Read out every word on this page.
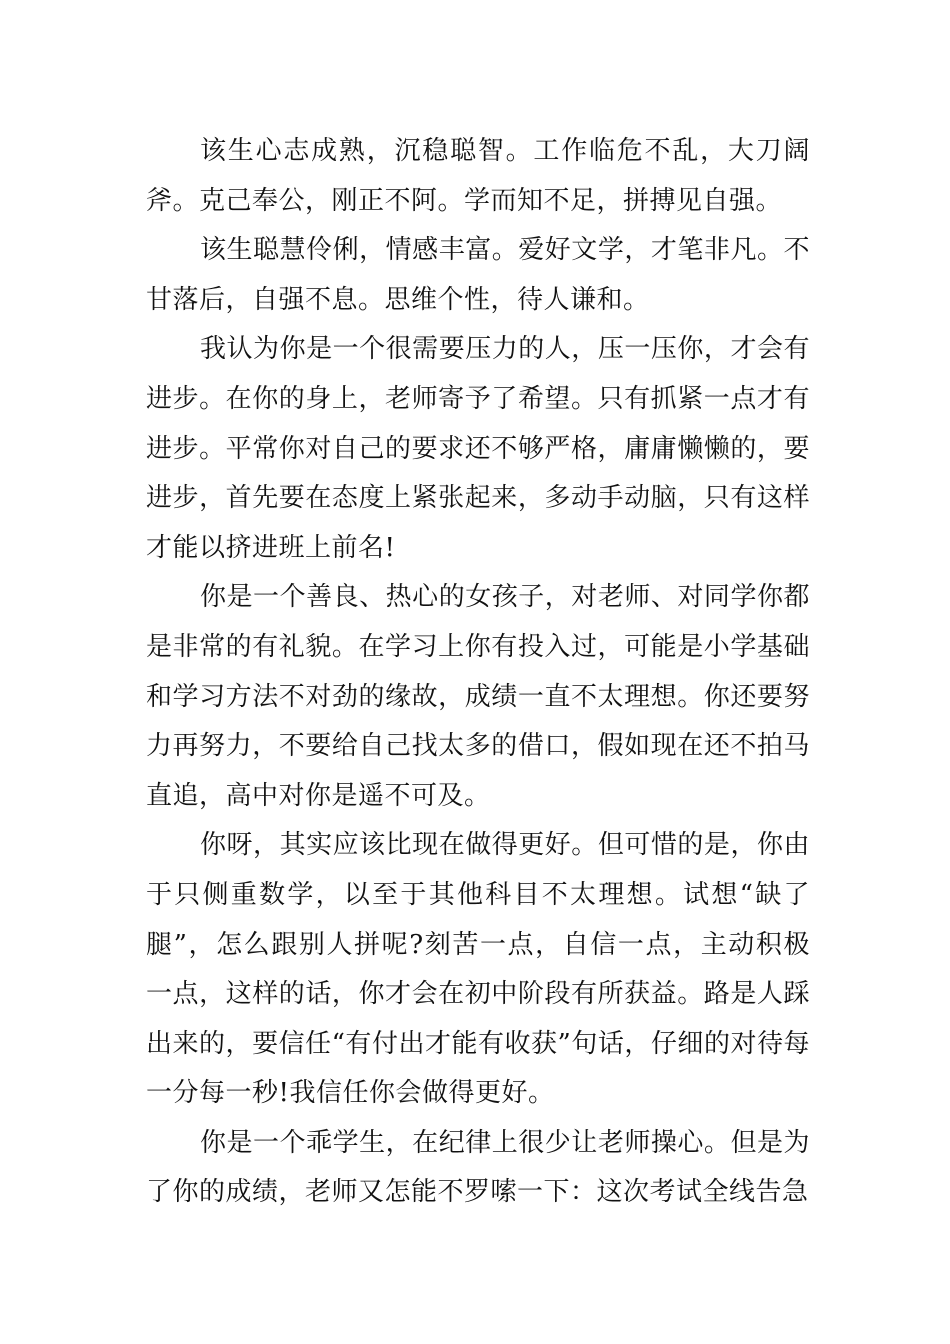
该生心志成熟，沉稳聪智。工作临危不乱，大刀阔斧。克己奉公，刚正不阿。学而知不足，拼搏见自强。

该生聪慧伶俐，情感丰富。爱好文学，才笔非凡。不甘落后，自强不息。思维个性，待人谦和。

我认为你是一个很需要压力的人，压一压你，才会有进步。在你的身上，老师寄予了希望。只有抓紧一点才有进步。平常你对自己的要求还不够严格，庸庸懒懒的，要进步，首先要在态度上紧张起来，多动手动脑，只有这样才能以挤进班上前名!

你是一个善良、热心的女孩子，对老师、对同学你都是非常的有礼貌。在学习上你有投入过，可能是小学基础和学习方法不对劲的缘故，成绩一直不太理想。你还要努力再努力，不要给自己找太多的借口，假如现在还不拍马直追，高中对你是遥不可及。

你呀，其实应该比现在做得更好。但可惜的是，你由于只侧重数学，以至于其他科目不太理想。试想“缺了腿”，怎么跟别人拼呢?刻苦一点，自信一点，主动积极一点，这样的话，你才会在初中阶段有所获益。路是人踩出来的，要信任“有付出才能有收获”句话，仔细的对待每一分每一秒!我信任你会做得更好。

你是一个乖学生，在纪律上很少让老师操心。但是为了你的成绩，老师又怎能不罗嗦一下：这次考试全线告急
